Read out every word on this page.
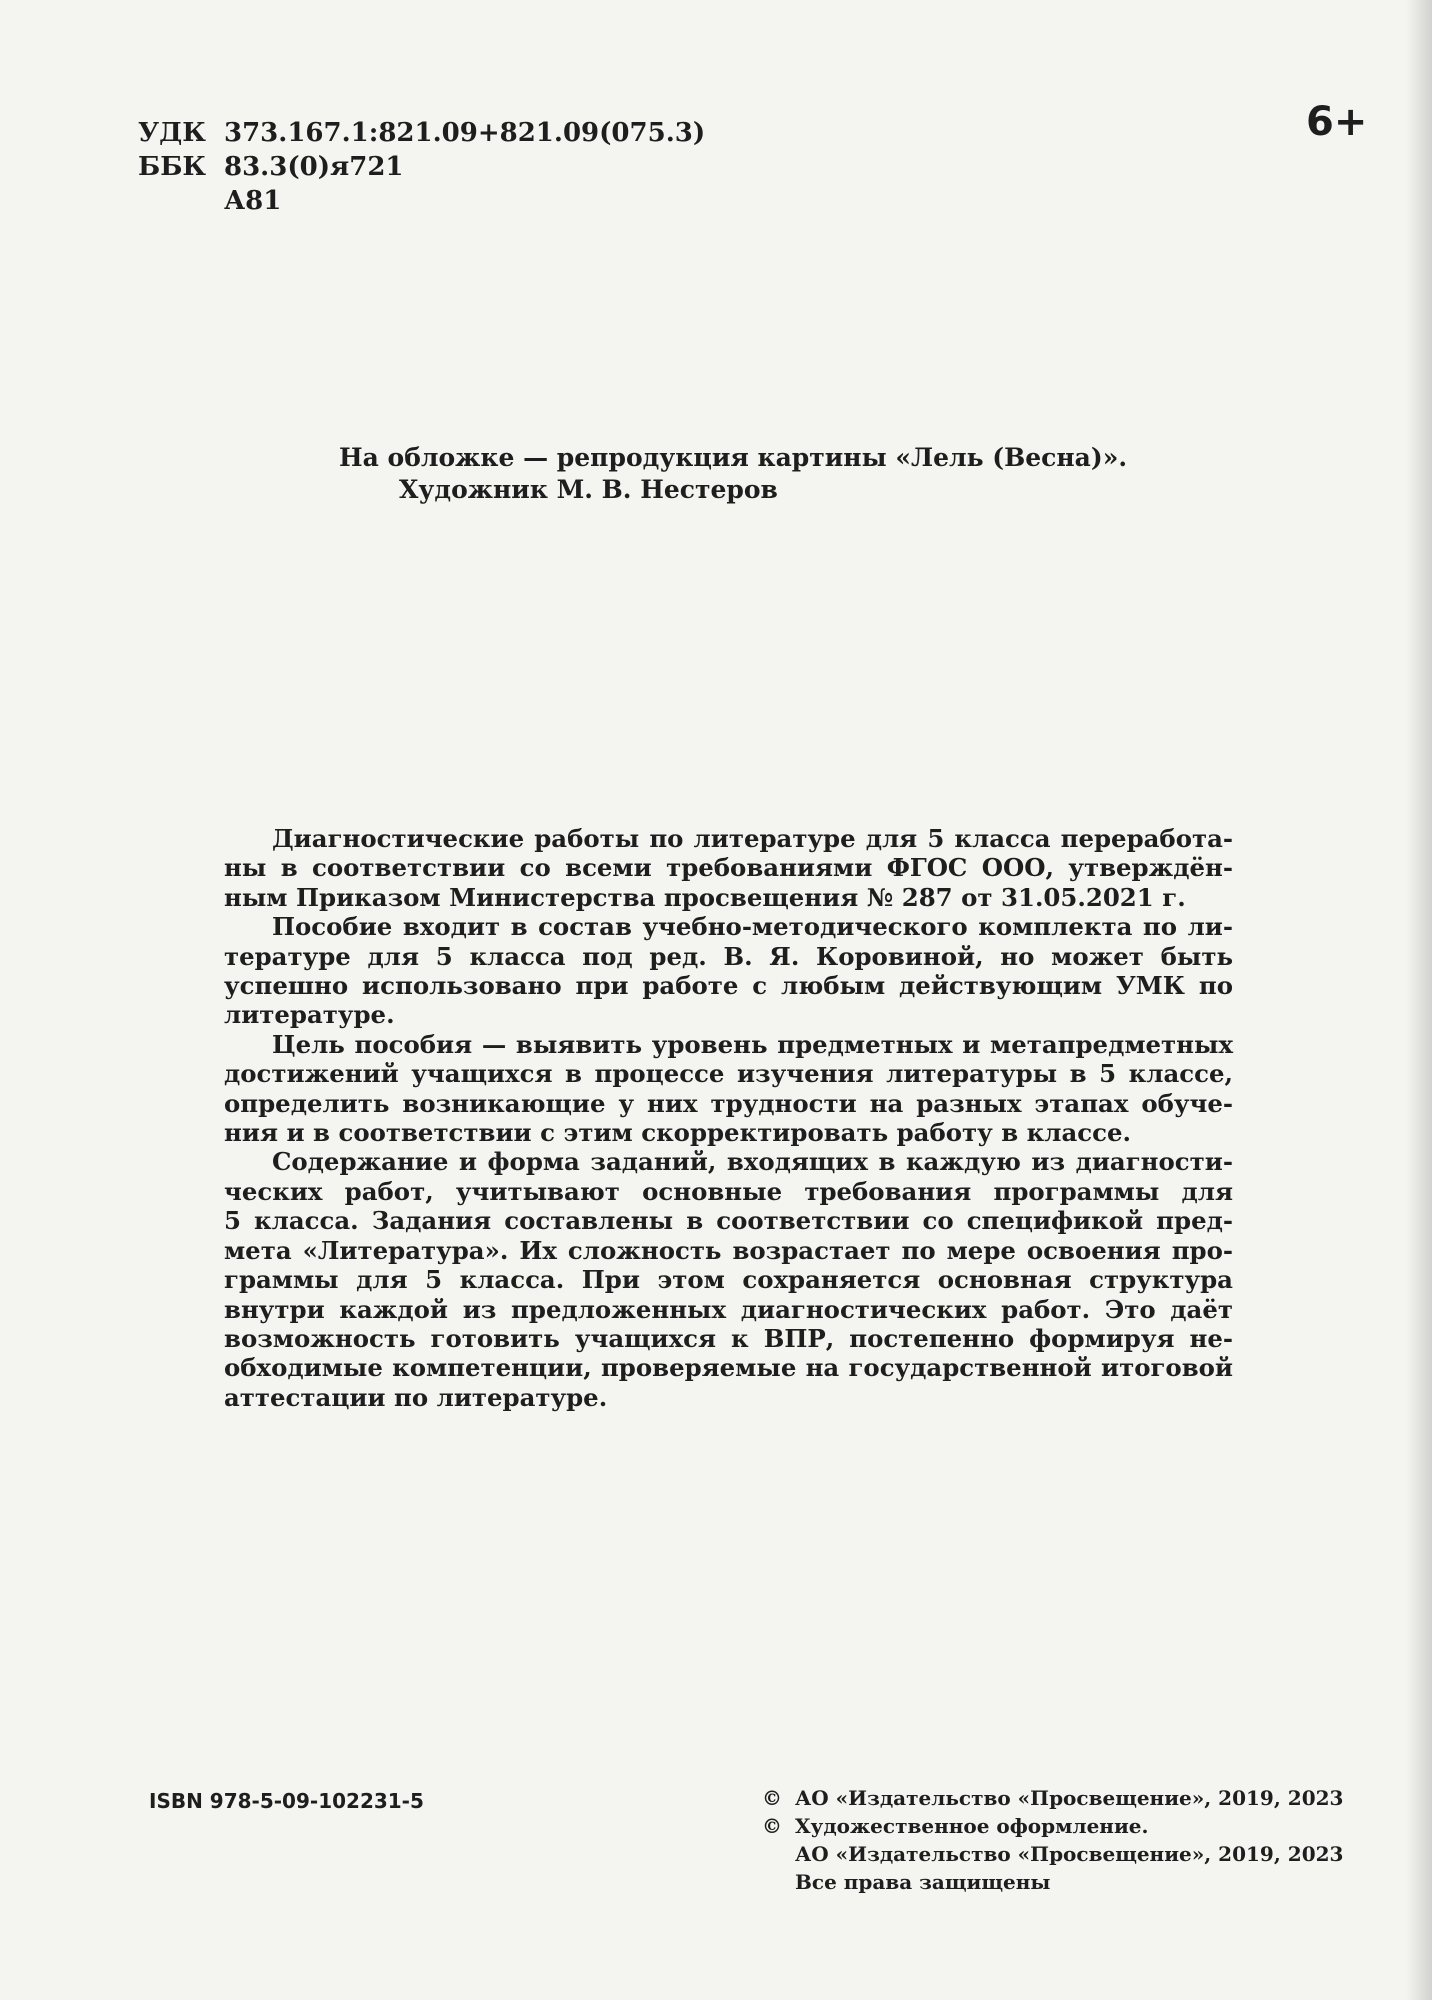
УДК 373.167.1:821.09+821.09(075.3)
ББК 83.3(0)я721
А81
6+
На обложке — репродукция картины «Лель (Весна)».
Художник М. В. Нестеров
Диагностические работы по литературе для 5 класса переработа-
ны в соответствии со всеми требованиями ФГОС ООО, утверждён-
ным Приказом Министерства просвещения № 287 от 31.05.2021 г.
Пособие входит в состав учебно-методического комплекта по ли-
тературе для 5 класса под ред. В. Я. Коровиной, но может быть
успешно использовано при работе с любым действующим УМК по
литературе.
Цель пособия — выявить уровень предметных и метапредметных
достижений учащихся в процессе изучения литературы в 5 классе,
определить возникающие у них трудности на разных этапах обуче-
ния и в соответствии с этим скорректировать работу в классе.
Содержание и форма заданий, входящих в каждую из диагности-
ческих работ, учитывают основные требования программы для
5 класса. Задания составлены в соответствии со спецификой пред-
мета «Литература». Их сложность возрастает по мере освоения про-
граммы для 5 класса. При этом сохраняется основная структура
внутри каждой из предложенных диагностических работ. Это даёт
возможность готовить учащихся к ВПР, постепенно формируя не-
обходимые компетенции, проверяемые на государственной итоговой
аттестации по литературе.
ISBN 978-5-09-102231-5	© АО «Издательство «Просвещение», 2019, 2023
© Художественное оформление.
АО «Издательство «Просвещение», 2019, 2023
Все права защищены
